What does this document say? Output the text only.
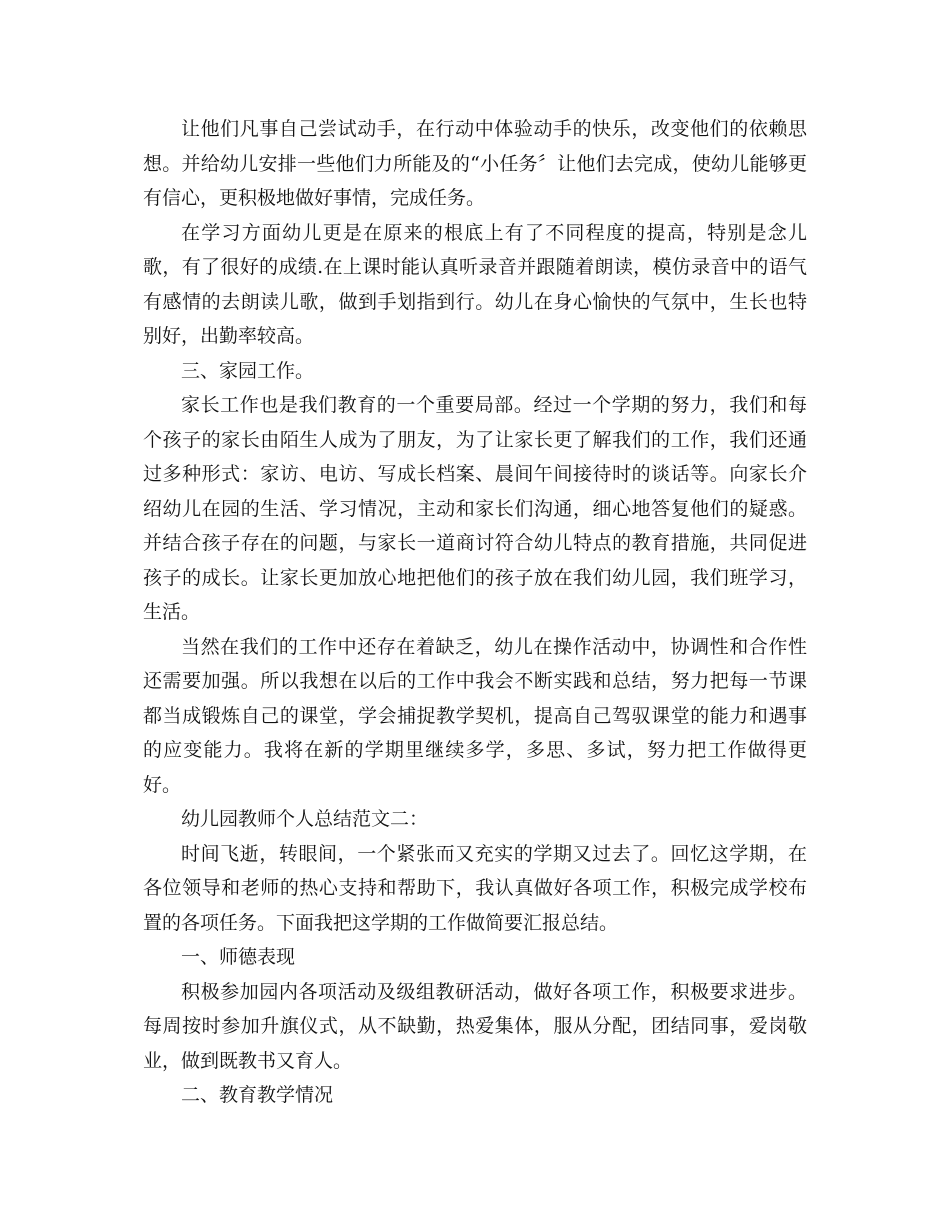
让他们凡事自己尝试动手，在行动中体验动手的快乐，改变他们的依赖思想。并给幼儿安排一些他们力所能及的“小任务〞让他们去完成，使幼儿能够更有信心，更积极地做好事情，完成任务。

在学习方面幼儿更是在原来的根底上有了不同程度的提高，特别是念儿歌，有了很好的成绩.在上课时能认真听录音并跟随着朗读，模仿录音中的语气有感情的去朗读儿歌，做到手划指到行。幼儿在身心愉快的气氛中，生长也特别好，出勤率较高。

三、家园工作。

家长工作也是我们教育的一个重要局部。经过一个学期的努力，我们和每个孩子的家长由陌生人成为了朋友，为了让家长更了解我们的工作，我们还通过多种形式：家访、电访、写成长档案、晨间午间接待时的谈话等。向家长介绍幼儿在园的生活、学习情况，主动和家长们沟通，细心地答复他们的疑惑。并结合孩子存在的问题，与家长一道商讨符合幼儿特点的教育措施，共同促进孩子的成长。让家长更加放心地把他们的孩子放在我们幼儿园，我们班学习，生活。

当然在我们的工作中还存在着缺乏，幼儿在操作活动中，协调性和合作性还需要加强。所以我想在以后的工作中我会不断实践和总结，努力把每一节课都当成锻炼自己的课堂，学会捕捉教学契机，提高自己驾驭课堂的能力和遇事的应变能力。我将在新的学期里继续多学，多思、多试，努力把工作做得更好。

幼儿园教师个人总结范文二：

时间飞逝，转眼间，一个紧张而又充实的学期又过去了。回忆这学期，在各位领导和老师的热心支持和帮助下，我认真做好各项工作，积极完成学校布置的各项任务。下面我把这学期的工作做简要汇报总结。

一、师德表现

积极参加园内各项活动及级组教研活动，做好各项工作，积极要求进步。每周按时参加升旗仪式，从不缺勤，热爱集体，服从分配，团结同事，爱岗敬业，做到既教书又育人。

二、教育教学情况
